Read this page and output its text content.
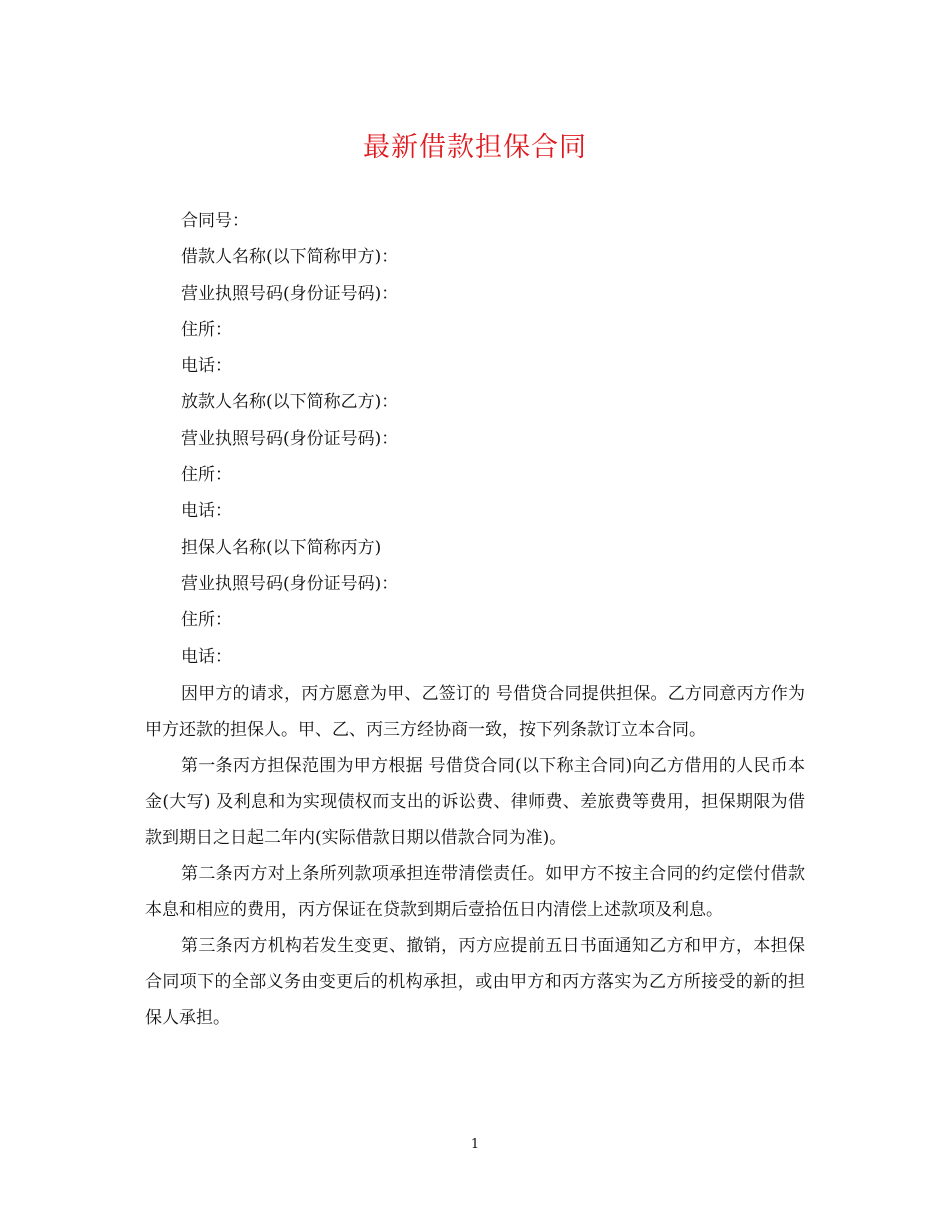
最新借款担保合同
合同号：
借款人名称(以下简称甲方)：
营业执照号码(身份证号码)：
住所：
电话：
放款人名称(以下简称乙方)：
营业执照号码(身份证号码)：
住所：
电话：
担保人名称(以下简称丙方)
营业执照号码(身份证号码)：
住所：
电话：

因甲方的请求，丙方愿意为甲、乙签订的 号借贷合同提供担保。乙方同意丙方作为甲方还款的担保人。甲、乙、丙三方经协商一致，按下列条款订立本合同。

第一条丙方担保范围为甲方根据 号借贷合同(以下称主合同)向乙方借用的人民币本金(大写) 及利息和为实现债权而支出的诉讼费、律师费、差旅费等费用，担保期限为借款到期日之日起二年内(实际借款日期以借款合同为准)。

第二条丙方对上条所列款项承担连带清偿责任。如甲方不按主合同的约定偿付借款本息和相应的费用，丙方保证在贷款到期后壹拾伍日内清偿上述款项及利息。

第三条丙方机构若发生变更、撤销，丙方应提前五日书面通知乙方和甲方，本担保合同项下的全部义务由变更后的机构承担，或由甲方和丙方落实为乙方所接受的新的担保人承担。

1
